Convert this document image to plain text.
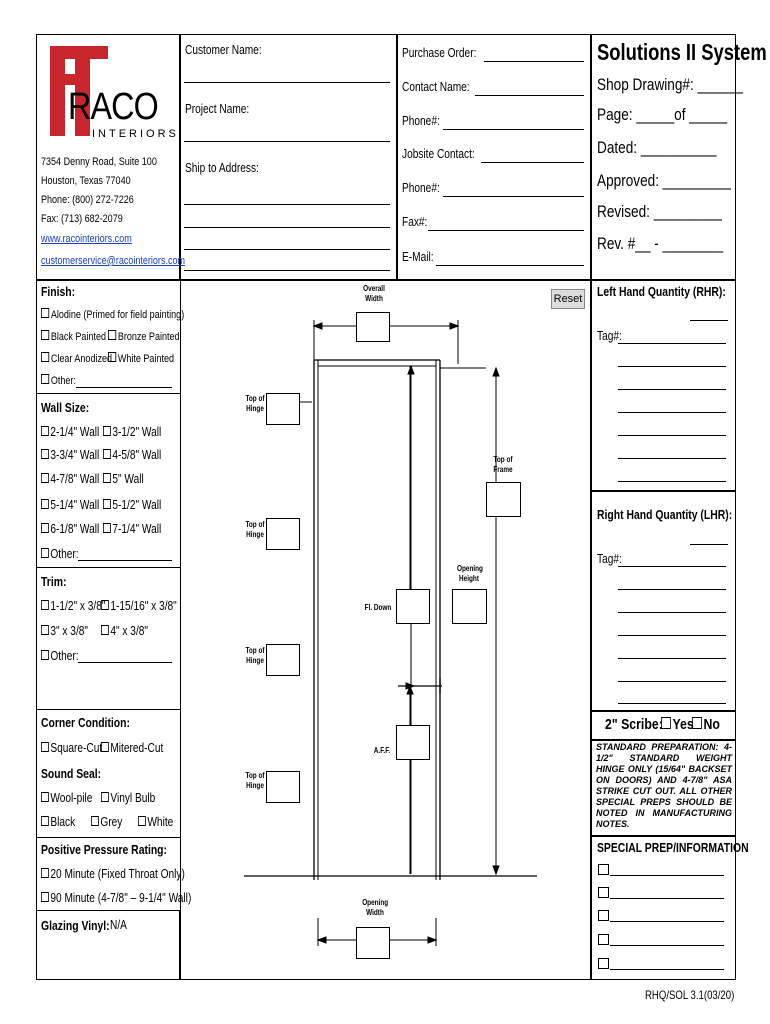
RACO
INTERIORS
7354 Denny Road, Suite 100
Houston, Texas 77040
Phone: (800) 272-7226
Fax: (713) 682-2079
www.racointeriors.com
customerservice@racointeriors.com
Customer Name:
Project Name:
Ship to Address:
Purchase Order:
Contact Name:
Phone#:
Jobsite Contact:
Phone#:
Fax#:
E-Mail:
Solutions II System
Shop Drawing#: ______
Page: _____of _____
Dated: __________
Approved: _________
Revised: _________
Rev. #__ - ________
Finish:
Alodine (Primed for field painting)
Black Painted	Bronze Painted
Clear Anodized White Painted
Other:
Wall Size:
2-1/4" Wall	3-1/2" Wall
3-3/4" Wall	4-5/8" Wall
4-7/8" Wall	5" Wall
5-1/4" Wall	5-1/2" Wall
6-1/8" Wall	7-1/4" Wall
Other:
Trim:
1-1/2" x 3/8" 1-15/16" x 3/8"
3" x 3/8"	4" x 3/8"
Other:
Corner Condition:
Square-Cut Mitered-Cut
Sound Seal:
Wool-pile	Vinyl Bulb
Black	Grey	White
Positive Pressure Rating:
20 Minute (Fixed Throat Only)
90 Minute (4-7/8" – 9-1/4" Wall)
Glazing Vinyl: N/A
Reset
Overall Width
Top of Hinge
Top of Hinge
Top of Hinge
Top of Hinge
Top of Frame
Opening Height
Fl. Down
A.F.F.
Opening Width
Left Hand Quantity (RHR):
Tag#:
Right Hand Quantity (LHR):
Tag#:
2" Scribe: Yes No
STANDARD PREPARATION: 4-1/2" STANDARD WEIGHT HINGE ONLY (15/64" BACKSET ON DOORS) AND 4-7/8" ASA STRIKE CUT OUT. ALL OTHER SPECIAL PREPS SHOULD BE NOTED IN MANUFACTURING NOTES.
SPECIAL PREP/INFORMATION
RHQ/SOL 3.1(03/20)
